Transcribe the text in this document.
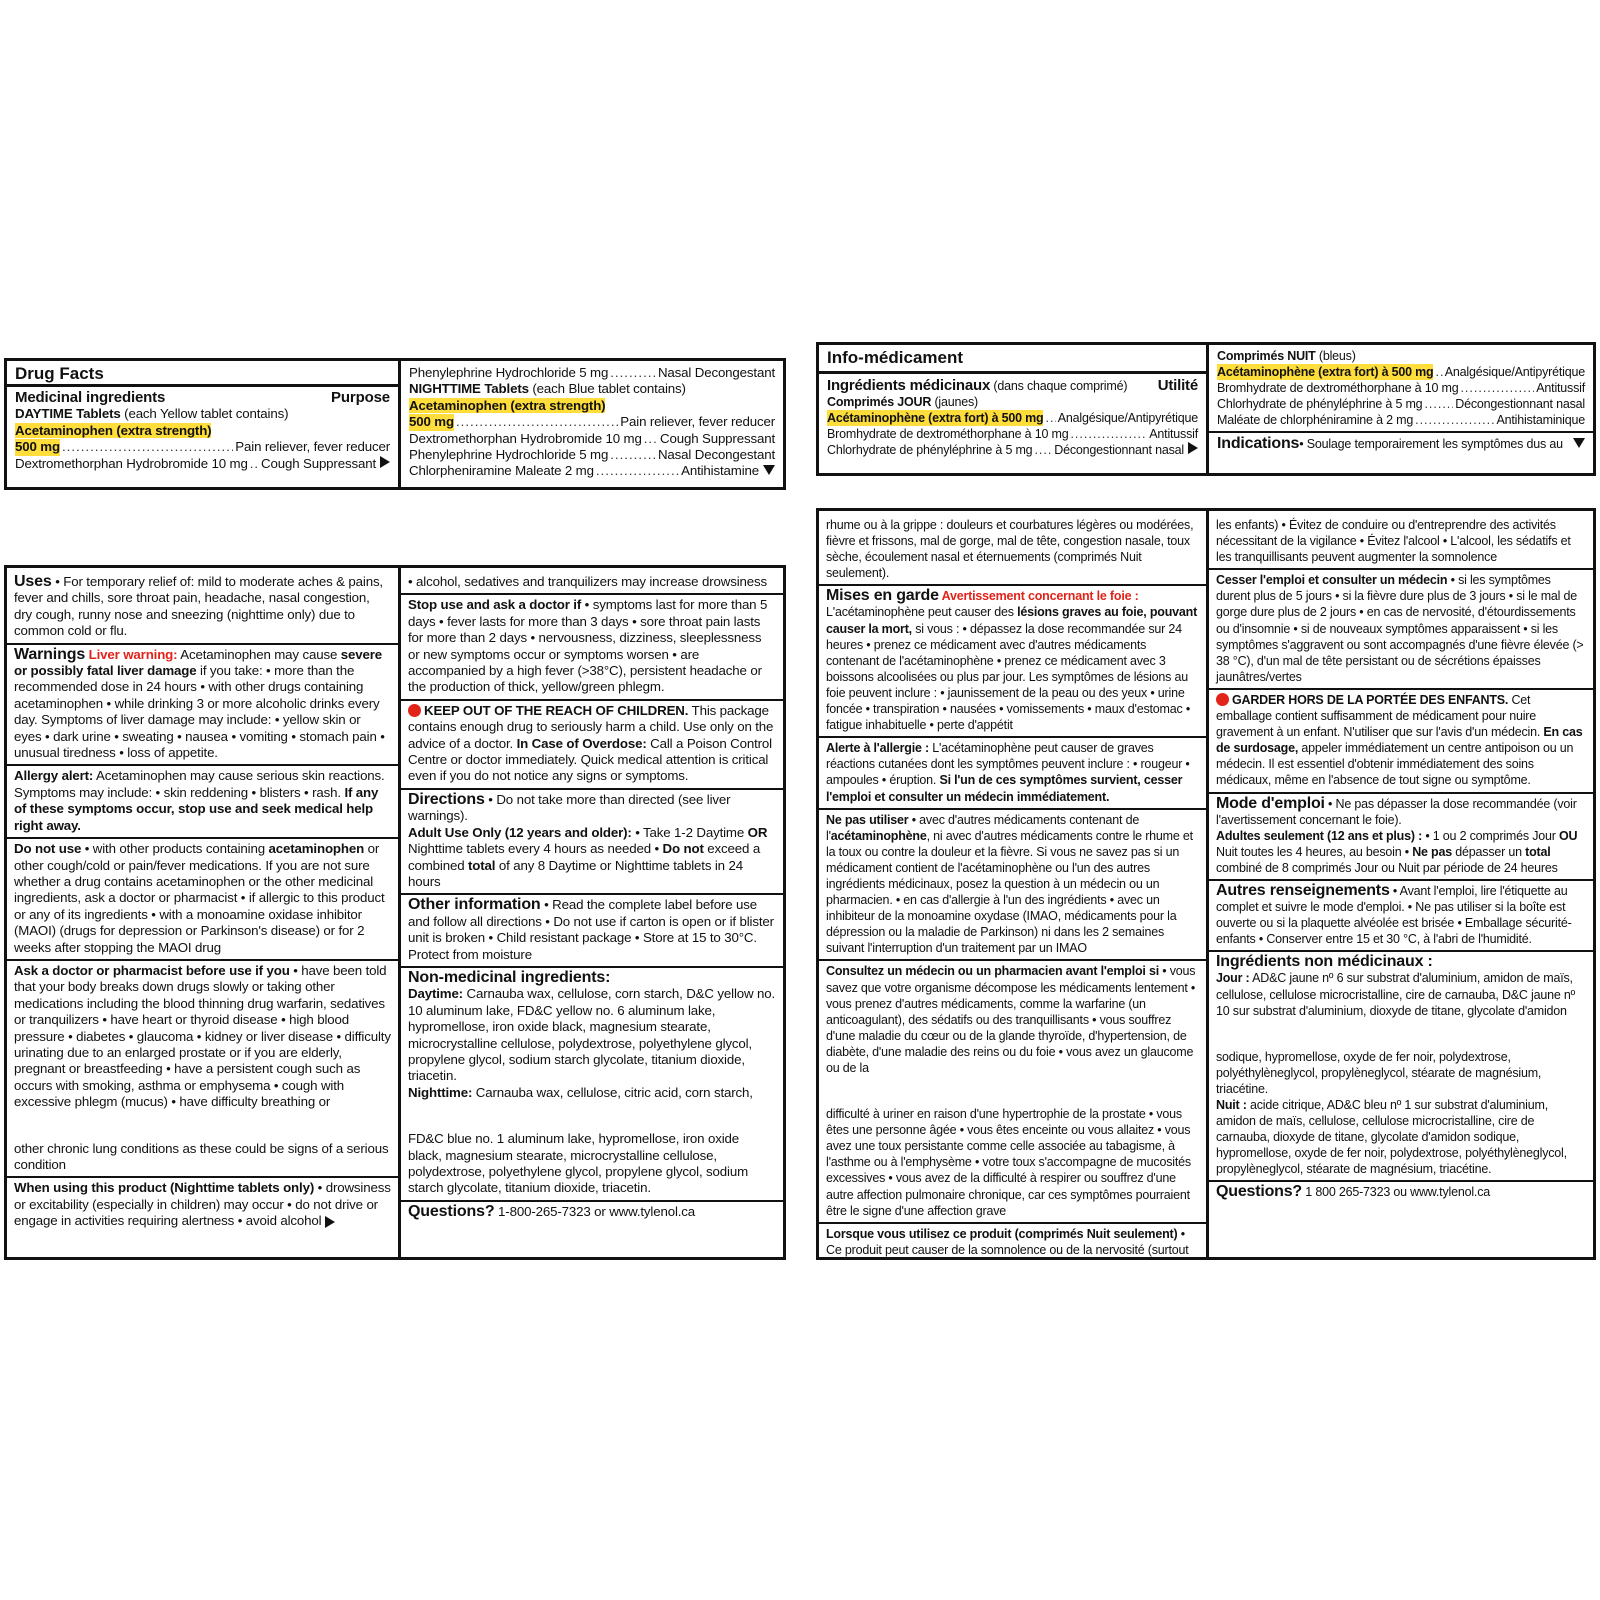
Drug Facts
Medicinal ingredients	Purpose
DAYTIME Tablets (each Yellow tablet contains)
Acetaminophen (extra strength)
500 mg .....	Pain reliever, fever reducer
Dextromethorphan Hydrobromide 10 mg ..... Cough Suppressant
Phenylephrine Hydrochloride 5 mg .....	Nasal Decongestant
NIGHTTIME Tablets (each Blue tablet contains)
Acetaminophen (extra strength)
500 mg .....	Pain reliever, fever reducer
Dextromethorphan Hydrobromide 10 mg ..... Cough Suppressant
Phenylephrine Hydrochloride 5 mg .....	Nasal Decongestant
Chlorpheniramine Maleate 2 mg .....	Antihistamine
Uses • For temporary relief of: mild to moderate aches & pains, fever and chills, sore throat pain, headache, nasal congestion, dry cough, runny nose and sneezing (nighttime only) due to common cold or flu.
Warnings Liver warning: Acetaminophen may cause severe or possibly fatal liver damage if you take: • more than the recommended dose in 24 hours • with other drugs containing acetaminophen • while drinking 3 or more alcoholic drinks every day. Symptoms of liver damage may include: • yellow skin or eyes • dark urine • sweating • nausea • vomiting • stomach pain • unusual tiredness • loss of appetite.
Allergy alert: Acetaminophen may cause serious skin reactions. Symptoms may include: • skin reddening • blisters • rash. If any of these symptoms occur, stop use and seek medical help right away.
Do not use • with other products containing acetaminophen or other cough/cold or pain/fever medications. If you are not sure whether a drug contains acetaminophen or the other medicinal ingredients, ask a doctor or pharmacist • if allergic to this product or any of its ingredients • with a monoamine oxidase inhibitor (MAOI) (drugs for depression or Parkinson's disease) or for 2 weeks after stopping the MAOI drug
Ask a doctor or pharmacist before use if you • have been told that your body breaks down drugs slowly or taking other medications including the blood thinning drug warfarin, sedatives or tranquilizers • have heart or thyroid disease • high blood pressure • diabetes • glaucoma • kidney or liver disease • difficulty urinating due to an enlarged prostate or if you are elderly, pregnant or breastfeeding • have a persistent cough such as occurs with smoking, asthma or emphysema • cough with excessive phlegm (mucus) • have difficulty breathing or
other chronic lung conditions as these could be signs of a serious condition
When using this product (Nighttime tablets only) • drowsiness or excitability (especially in children) may occur • do not drive or engage in activities requiring alertness • avoid alcohol
• alcohol, sedatives and tranquilizers may increase drowsiness
Stop use and ask a doctor if • symptoms last for more than 5 days • fever lasts for more than 3 days • sore throat pain lasts for more than 2 days • nervousness, dizziness, sleeplessness or new symptoms occur or symptoms worsen • are accompanied by a high fever (>38°C), persistent headache or the production of thick, yellow/green phlegm.
KEEP OUT OF THE REACH OF CHILDREN. This package contains enough drug to seriously harm a child. Use only on the advice of a doctor. In Case of Overdose: Call a Poison Control Centre or doctor immediately. Quick medical attention is critical even if you do not notice any signs or symptoms.
Directions • Do not take more than directed (see liver warnings).
Adult Use Only (12 years and older): • Take 1-2 Daytime OR Nighttime tablets every 4 hours as needed • Do not exceed a combined total of any 8 Daytime or Nighttime tablets in 24 hours
Other information • Read the complete label before use and follow all directions • Do not use if carton is open or if blister unit is broken • Child resistant package • Store at 15 to 30°C. Protect from moisture
Non-medicinal ingredients:
Daytime: Carnauba wax, cellulose, corn starch, D&C yellow no. 10 aluminum lake, FD&C yellow no. 6 aluminum lake, hypromellose, iron oxide black, magnesium stearate, microcrystalline cellulose, polydextrose, polyethylene glycol, propylene glycol, sodium starch glycolate, titanium dioxide, triacetin.
Nighttime: Carnauba wax, cellulose, citric acid, corn starch,
FD&C blue no. 1 aluminum lake, hypromellose, iron oxide black, magnesium stearate, microcrystalline cellulose, polydextrose, polyethylene glycol, propylene glycol, sodium starch glycolate, titanium dioxide, triacetin.
Questions? 1-800-265-7323 or www.tylenol.ca
Info-médicament
Ingrédients médicinaux (dans chaque comprimé) Utilité
Comprimés JOUR (jaunes)
Acétaminophène (extra fort) à 500 mg ..... Analgésique/Antipyrétique
Bromhydrate de dextrométhorphane à 10 mg .....	Antitussif
Chlorhydrate de phényléphrine à 5 mg ..... Décongestionnant nasal
Comprimés NUIT (bleus)
Acétaminophène (extra fort) à 500 mg ..... Analgésique/Antipyrétique
Bromhydrate de dextrométhorphane à 10 mg .....	Antitussif
Chlorhydrate de phényléphrine à 5 mg .....	Décongestionnant nasal
Maléate de chlorphéniramine à 2 mg .....	Antihistaminique
Indications • Soulage temporairement les symptômes dus au
rhume ou à la grippe : douleurs et courbatures légères ou modérées, fièvre et frissons, mal de gorge, mal de tête, congestion nasale, toux sèche, écoulement nasal et éternuements (comprimés Nuit seulement).
Mises en garde Avertissement concernant le foie :
L'acétaminophène peut causer des lésions graves au foie, pouvant causer la mort, si vous : • dépassez la dose recommandée sur 24 heures • prenez ce médicament avec d'autres médicaments contenant de l'acétaminophène • prenez ce médicament avec 3 boissons alcoolisées ou plus par jour. Les symptômes de lésions au foie peuvent inclure : • jaunissement de la peau ou des yeux • urine foncée • transpiration • nausées • vomissements • maux d'estomac • fatigue inhabituelle • perte d'appétit
Alerte à l'allergie : L'acétaminophène peut causer de graves réactions cutanées dont les symptômes peuvent inclure : • rougeur • ampoules • éruption. Si l'un de ces symptômes survient, cesser l'emploi et consulter un médecin immédiatement.
Ne pas utiliser • avec d'autres médicaments contenant de l'acétaminophène, ni avec d'autres médicaments contre le rhume et la toux ou contre la douleur et la fièvre. Si vous ne savez pas si un médicament contient de l'acétaminophène ou l'un des autres ingrédients médicinaux, posez la question à un médecin ou un pharmacien. • en cas d'allergie à l'un des ingrédients • avec un inhibiteur de la monoamine oxydase (IMAO, médicaments pour la dépression ou la maladie de Parkinson) ni dans les 2 semaines suivant l'interruption d'un traitement par un IMAO
Consultez un médecin ou un pharmacien avant l'emploi si • vous savez que votre organisme décompose les médicaments lentement • vous prenez d'autres médicaments, comme la warfarine (un anticoagulant), des sédatifs ou des tranquillisants • vous souffrez d'une maladie du cœur ou de la glande thyroïde, d'hypertension, de diabète, d'une maladie des reins ou du foie • vous avez un glaucome ou de la
difficulté à uriner en raison d'une hypertrophie de la prostate • vous êtes une personne âgée • vous êtes enceinte ou vous allaitez • vous avez une toux persistante comme celle associée au tabagisme, à l'asthme ou à l'emphysème • votre toux s'accompagne de mucosités excessives • vous avez de la difficulté à respirer ou souffrez d'une autre affection pulmonaire chronique, car ces symptômes pourraient être le signe d'une affection grave
Lorsque vous utilisez ce produit (comprimés Nuit seulement) • Ce produit peut causer de la somnolence ou de la nervosité (surtout
les enfants) • Évitez de conduire ou d'entreprendre des activités nécessitant de la vigilance • Évitez l'alcool • L'alcool, les sédatifs et les tranquillisants peuvent augmenter la somnolence
Cesser l'emploi et consulter un médecin • si les symptômes durent plus de 5 jours • si la fièvre dure plus de 3 jours • si le mal de gorge dure plus de 2 jours • en cas de nervosité, d'étourdissements ou d'insomnie • si de nouveaux symptômes apparaissent • si les symptômes s'aggravent ou sont accompagnés d'une fièvre élevée (> 38 °C), d'un mal de tête persistant ou de sécrétions épaisses jaunâtres/vertes
GARDER HORS DE LA PORTÉE DES ENFANTS. Cet emballage contient suffisamment de médicament pour nuire gravement à un enfant. N'utiliser que sur l'avis d'un médecin. En cas de surdosage, appeler immédiatement un centre antipoison ou un médecin. Il est essentiel d'obtenir immédiatement des soins médicaux, même en l'absence de tout signe ou symptôme.
Mode d'emploi • Ne pas dépasser la dose recommandée (voir l'avertissement concernant le foie).
Adultes seulement (12 ans et plus) : • 1 ou 2 comprimés Jour OU Nuit toutes les 4 heures, au besoin • Ne pas dépasser un total combiné de 8 comprimés Jour ou Nuit par période de 24 heures
Autres renseignements • Avant l'emploi, lire l'étiquette au complet et suivre le mode d'emploi. • Ne pas utiliser si la boîte est ouverte ou si la plaquette alvéolée est brisée • Emballage sécurité-enfants • Conserver entre 15 et 30 °C, à l'abri de l'humidité.
Ingrédients non médicinaux :
Jour : AD&C jaune nº 6 sur substrat d'aluminium, amidon de maïs, cellulose, cellulose microcristalline, cire de carnauba, D&C jaune nº 10 sur substrat d'aluminium, dioxyde de titane, glycolate d'amidon
sodique, hypromellose, oxyde de fer noir, polydextrose, polyéthylèneglycol, propylèneglycol, stéarate de magnésium, triacétine.
Nuit : acide citrique, AD&C bleu nº 1 sur substrat d'aluminium, amidon de maïs, cellulose, cellulose microcristalline, cire de carnauba, dioxyde de titane, glycolate d'amidon sodique, hypromellose, oxyde de fer noir, polydextrose, polyéthylèneglycol, propylèneglycol, stéarate de magnésium, triacétine.
Questions? 1 800 265-7323 ou www.tylenol.ca
